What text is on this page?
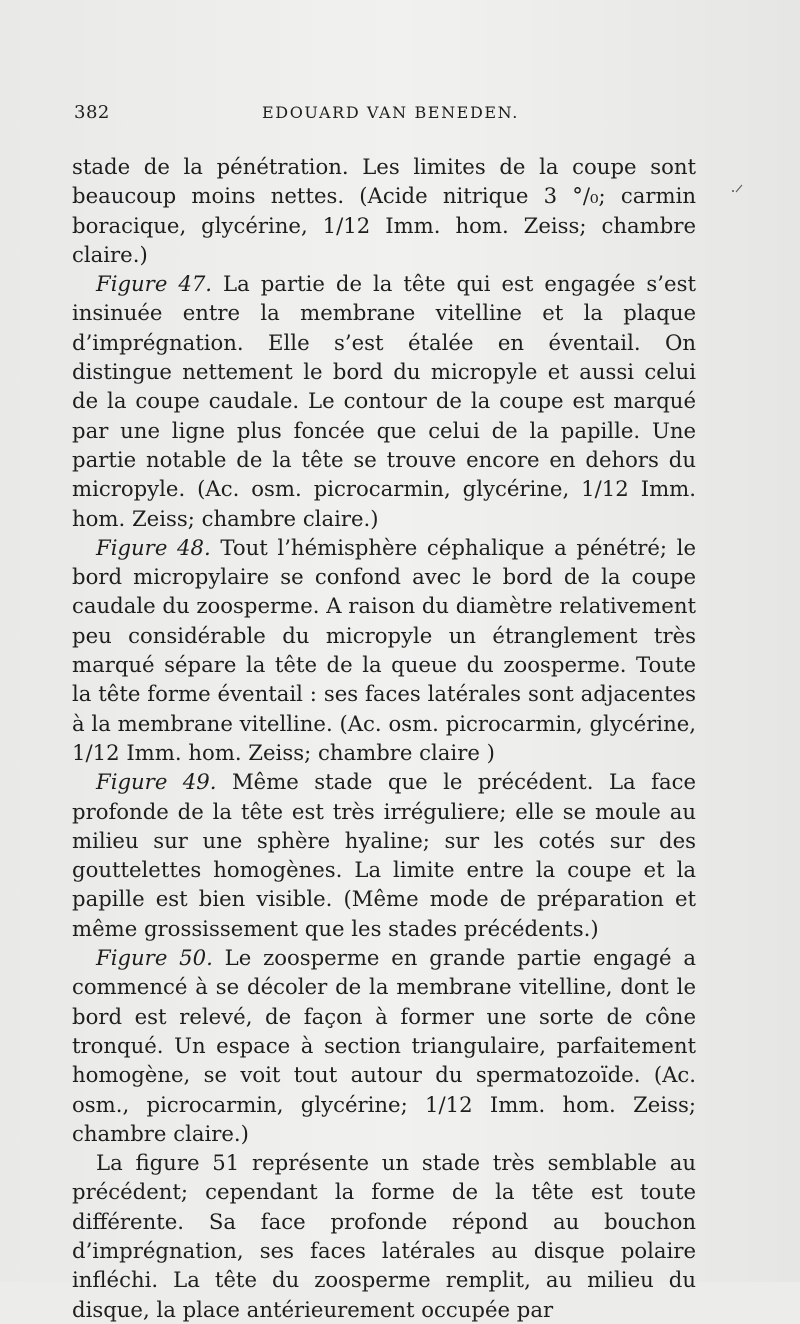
382	EDOUARD VAN BENEDEN.

stade de la pénétration. Les limites de la coupe sont beaucoup moins nettes. (Acide nitrique 3 °/₀; carmin boracique, glycérine, 1/12 Imm. hom. Zeiss; chambre claire.)

Figure 47. La partie de la tête qui est engagée s’est insinuée entre la membrane vitelline et la plaque d’imprégnation. Elle s’est étalée en éventail. On distingue nettement le bord du micropyle et aussi celui de la coupe caudale. Le contour de la coupe est marqué par une ligne plus foncée que celui de la papille. Une partie notable de la tête se trouve encore en dehors du micropyle. (Ac. osm. picrocarmin, glycérine, 1/12 Imm. hom. Zeiss; chambre claire.)

Figure 48. Tout l’hémisphère céphalique a pénétré; le bord micropylaire se confond avec le bord de la coupe caudale du zoosperme. A raison du diamètre relativement peu considérable du micropyle un étranglement très marqué sépare la tête de la queue du zoosperme. Toute la tête forme éventail : ses faces latérales sont adjacentes à la membrane vitelline. (Ac. osm. picrocarmin, glycérine, 1/12 Imm. hom. Zeiss; chambre claire )

Figure 49. Même stade que le précédent. La face profonde de la tête est très irréguliere; elle se moule au milieu sur une sphère hyaline; sur les cotés sur des gouttelettes homogènes. La limite entre la coupe et la papille est bien visible. (Même mode de préparation et même grossissement que les stades précédents.)

Figure 50. Le zoosperme en grande partie engagé a commencé à se décoler de la membrane vitelline, dont le bord est relevé, de façon à former une sorte de cône tronqué. Un espace à section triangulaire, parfaitement homogène, se voit tout autour du spermatozoïde. (Ac. osm., picrocarmin, glycérine; 1/12 Imm. hom. Zeiss; chambre claire.)

La figure 51 représente un stade très semblable au précédent; cependant la forme de la tête est toute différente. Sa face profonde répond au bouchon d’imprégnation, ses faces latérales au disque polaire infléchi. La tête du zoosperme remplit, au milieu du disque, la place antérieurement occupée par
